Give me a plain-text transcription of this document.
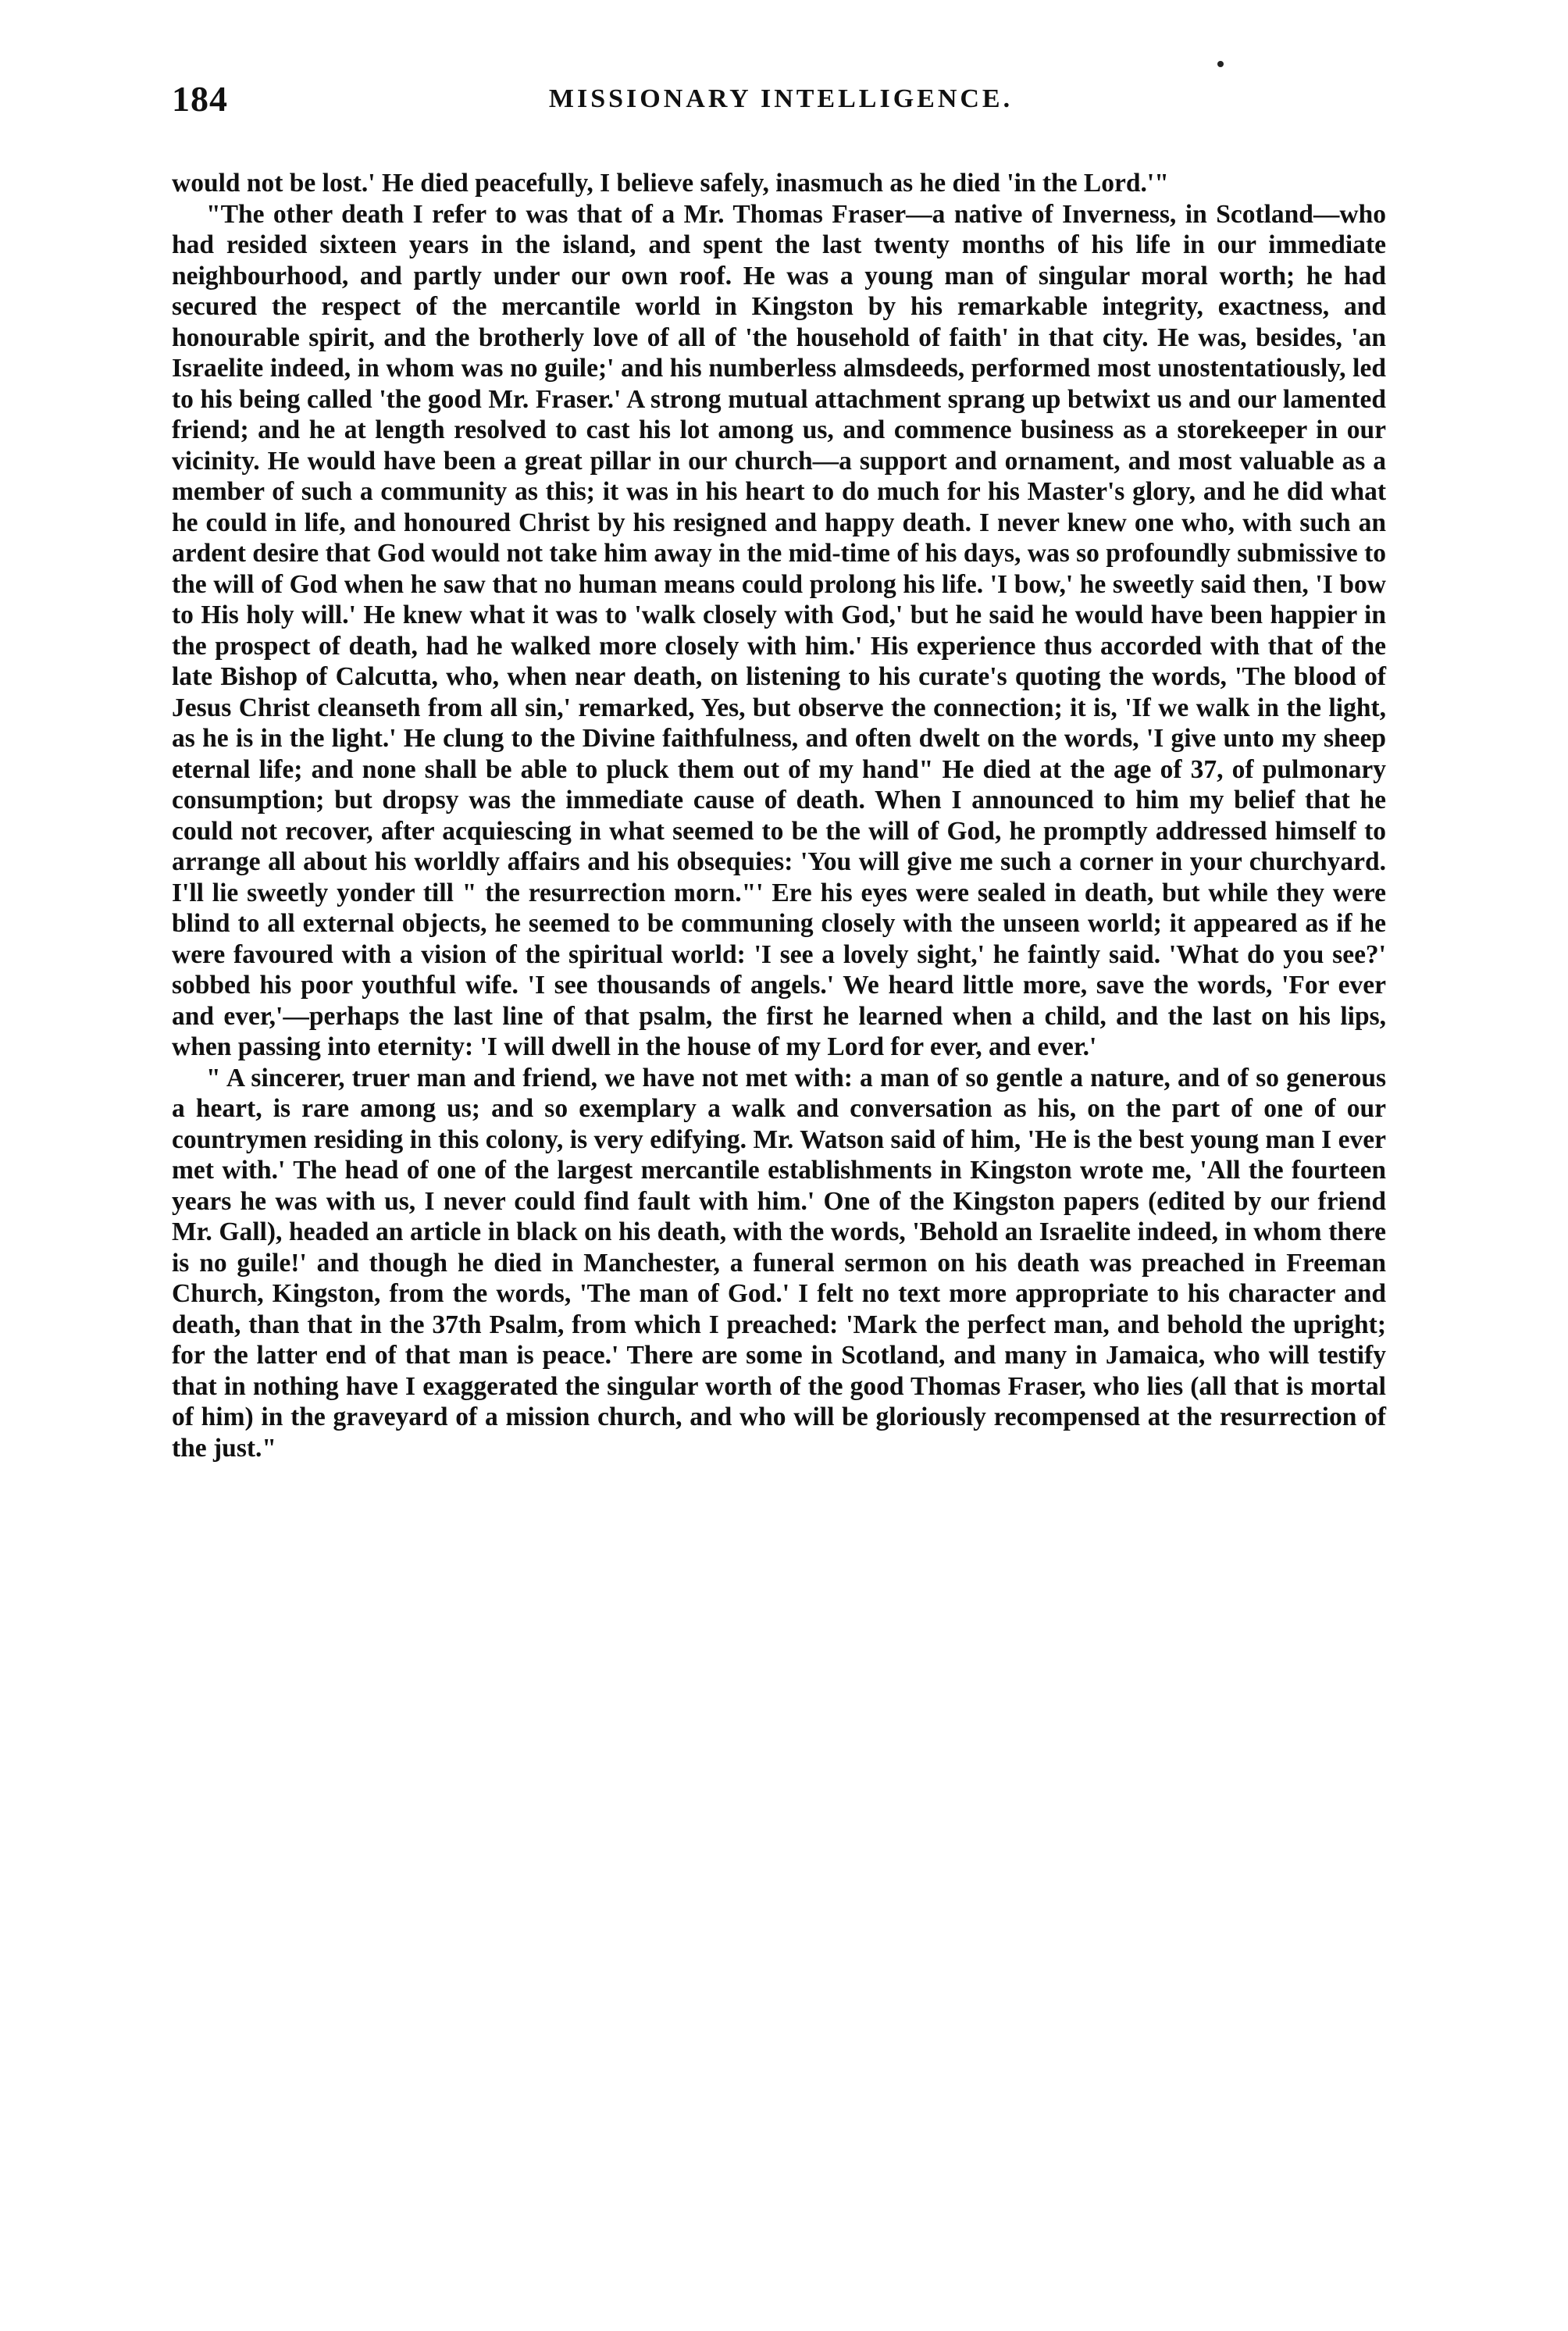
184	MISSIONARY INTELLIGENCE.

would not be lost.' He died peacefully, I believe safely, inasmuch as he died 'in the Lord.'"

"The other death I refer to was that of a Mr. Thomas Fraser—a native of Inverness, in Scotland—who had resided sixteen years in the island, and spent the last twenty months of his life in our immediate neighbourhood, and partly under our own roof. He was a young man of singular moral worth; he had secured the respect of the mercantile world in Kingston by his remarkable integrity, exactness, and honourable spirit, and the brotherly love of all of 'the household of faith' in that city. He was, besides, 'an Israelite indeed, in whom was no guile;' and his numberless almsdeeds, performed most unostentatiously, led to his being called 'the good Mr. Fraser.' A strong mutual attachment sprang up betwixt us and our lamented friend; and he at length resolved to cast his lot among us, and commence business as a storekeeper in our vicinity. He would have been a great pillar in our church—a support and ornament, and most valuable as a member of such a community as this; it was in his heart to do much for his Master's glory, and he did what he could in life, and honoured Christ by his resigned and happy death. I never knew one who, with such an ardent desire that God would not take him away in the mid-time of his days, was so profoundly submissive to the will of God when he saw that no human means could prolong his life. 'I bow,' he sweetly said then, 'I bow to His holy will.' He knew what it was to 'walk closely with God,' but he said he would have been happier in the prospect of death, had he walked more closely with him.' His experience thus accorded with that of the late Bishop of Calcutta, who, when near death, on listening to his curate's quoting the words, 'The blood of Jesus Christ cleanseth from all sin,' remarked, Yes, but observe the connection; it is, 'If we walk in the light, as he is in the light.' He clung to the Divine faithfulness, and often dwelt on the words, 'I give unto my sheep eternal life; and none shall be able to pluck them out of my hand" He died at the age of 37, of pulmonary consumption; but dropsy was the immediate cause of death. When I announced to him my belief that he could not recover, after acquiescing in what seemed to be the will of God, he promptly addressed himself to arrange all about his worldly affairs and his obsequies: 'You will give me such a corner in your churchyard. I'll lie sweetly yonder till " the resurrection morn."' Ere his eyes were sealed in death, but while they were blind to all external objects, he seemed to be communing closely with the unseen world; it appeared as if he were favoured with a vision of the spiritual world: 'I see a lovely sight,' he faintly said. 'What do you see?' sobbed his poor youthful wife. 'I see thousands of angels.' We heard little more, save the words, 'For ever and ever,'—perhaps the last line of that psalm, the first he learned when a child, and the last on his lips, when passing into eternity: 'I will dwell in the house of my Lord for ever, and ever.'

" A sincerer, truer man and friend, we have not met with: a man of so gentle a nature, and of so generous a heart, is rare among us; and so exemplary a walk and conversation as his, on the part of one of our countrymen residing in this colony, is very edifying. Mr. Watson said of him, 'He is the best young man I ever met with.' The head of one of the largest mercantile establishments in Kingston wrote me, 'All the fourteen years he was with us, I never could find fault with him.' One of the Kingston papers (edited by our friend Mr. Gall), headed an article in black on his death, with the words, 'Behold an Israelite indeed, in whom there is no guile!' and though he died in Manchester, a funeral sermon on his death was preached in Freeman Church, Kingston, from the words, 'The man of God.' I felt no text more appropriate to his character and death, than that in the 37th Psalm, from which I preached: 'Mark the perfect man, and behold the upright; for the latter end of that man is peace.' There are some in Scotland, and many in Jamaica, who will testify that in nothing have I exaggerated the singular worth of the good Thomas Fraser, who lies (all that is mortal of him) in the graveyard of a mission church, and who will be gloriously recompensed at the resurrection of the just."
